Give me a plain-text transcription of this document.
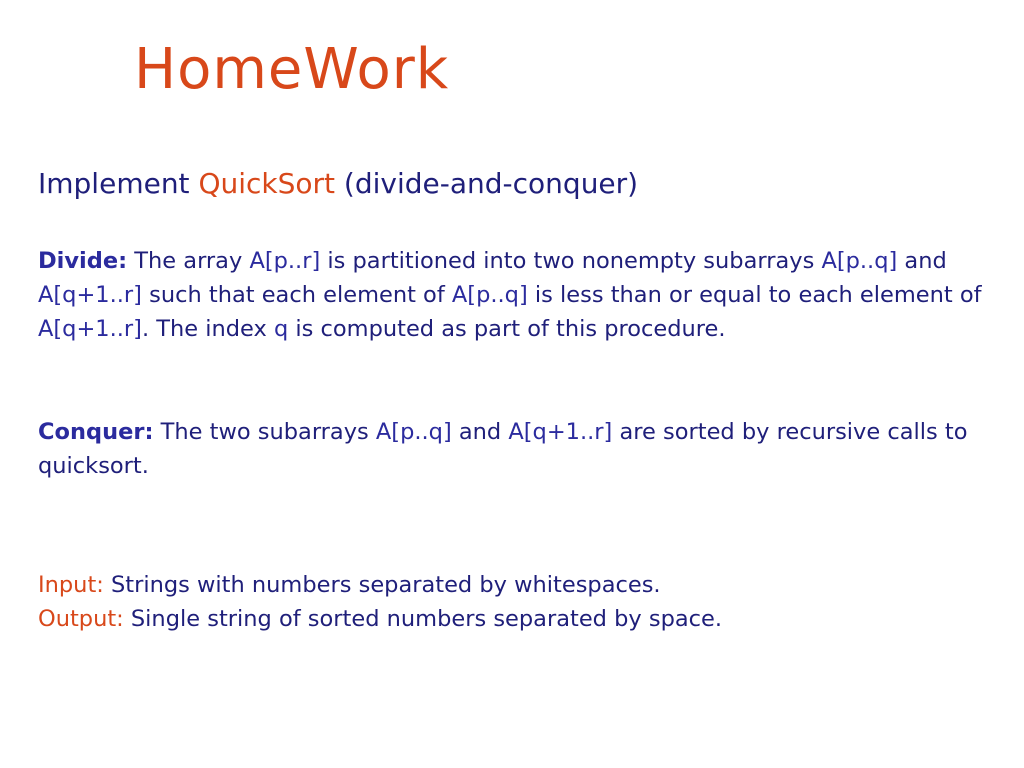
HomeWork
Implement QuickSort (divide-and-conquer)
Divide: The array A[p..r] is partitioned into two nonempty subarrays A[p..q] and A[q+1..r] such that each element of A[p..q] is less than or equal to each element of A[q+1..r]. The index q is computed as part of this procedure.
Conquer: The two subarrays A[p..q] and A[q+1..r] are sorted by recursive calls to quicksort.
Input: Strings with numbers separated by whitespaces.
Output: Single string of sorted numbers separated by space.
